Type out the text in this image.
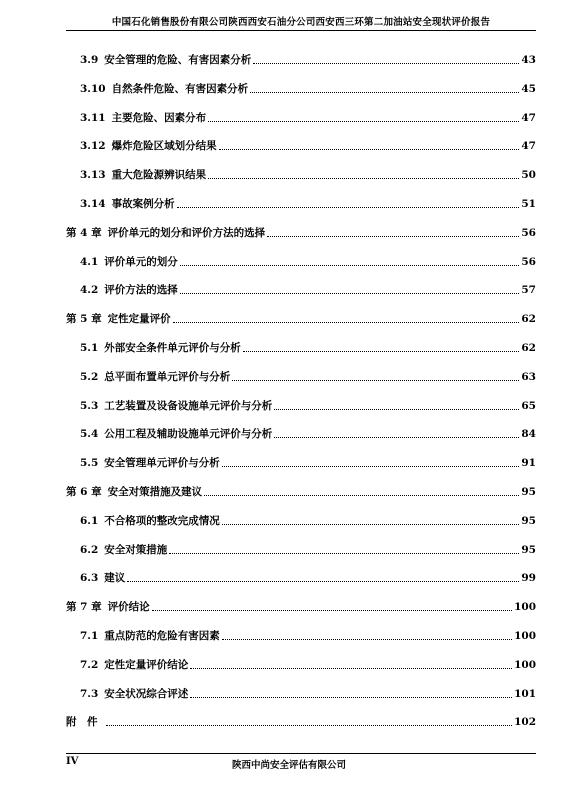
中国石化销售股份有限公司陕西西安石油分公司西安西三环第二加油站安全现状评价报告
3.9 安全管理的危险、有害因素分析	43
3.10 自然条件危险、有害因素分析	45
3.11 主要危险、因素分布	47
3.12 爆炸危险区域划分结果	47
3.13 重大危险源辨识结果	50
3.14 事故案例分析	51
第 4 章 评价单元的划分和评价方法的选择	56
4.1 评价单元的划分	56
4.2 评价方法的选择	57
第 5 章 定性定量评价	62
5.1 外部安全条件单元评价与分析	62
5.2 总平面布置单元评价与分析	63
5.3 工艺装置及设备设施单元评价与分析	65
5.4 公用工程及辅助设施单元评价与分析	84
5.5 安全管理单元评价与分析	91
第 6 章 安全对策措施及建议	95
6.1 不合格项的整改完成情况	95
6.2 安全对策措施	95
6.3 建议	99
第 7 章 评价结论	100
7.1 重点防范的危险有害因素	100
7.2 定性定量评价结论	100
7.3 安全状况综合评述	101
附　件	102
IV	陕西中尚安全评估有限公司
